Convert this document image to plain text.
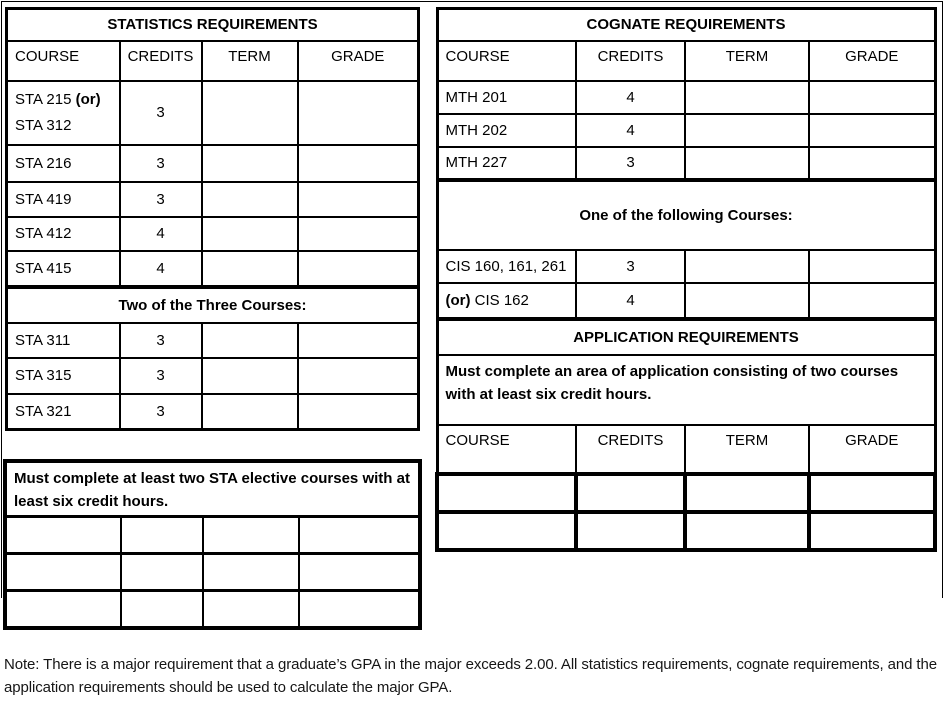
STATISTICS REQUIREMENTS			
COURSE	CREDITS	TERM	GRADE
STA 215 (or)
STA 312	3		
STA 216	3		
STA 419	3		
STA 412	4		
STA 415	4		
Two of the Three Courses:			
STA 311	3		
STA 315	3		
STA 321	3		
Must complete at least two STA elective courses with at least six credit hours.			

COGNATE REQUIREMENTS			
COURSE	CREDITS	TERM	GRADE
MTH 201	4		
MTH 202	4		
MTH 227	3		
One of the following Courses:			
CIS 160, 161, 261	3		
(or) CIS 162	4		
APPLICATION REQUIREMENTS			
Must complete an area of application consisting of two courses with at least six credit hours.			
COURSE	CREDITS	TERM	GRADE

Note: There is a major requirement that a graduate’s GPA in the major exceeds 2.00. All statistics requirements, cognate requirements, and the application requirements should be used to calculate the major GPA.
